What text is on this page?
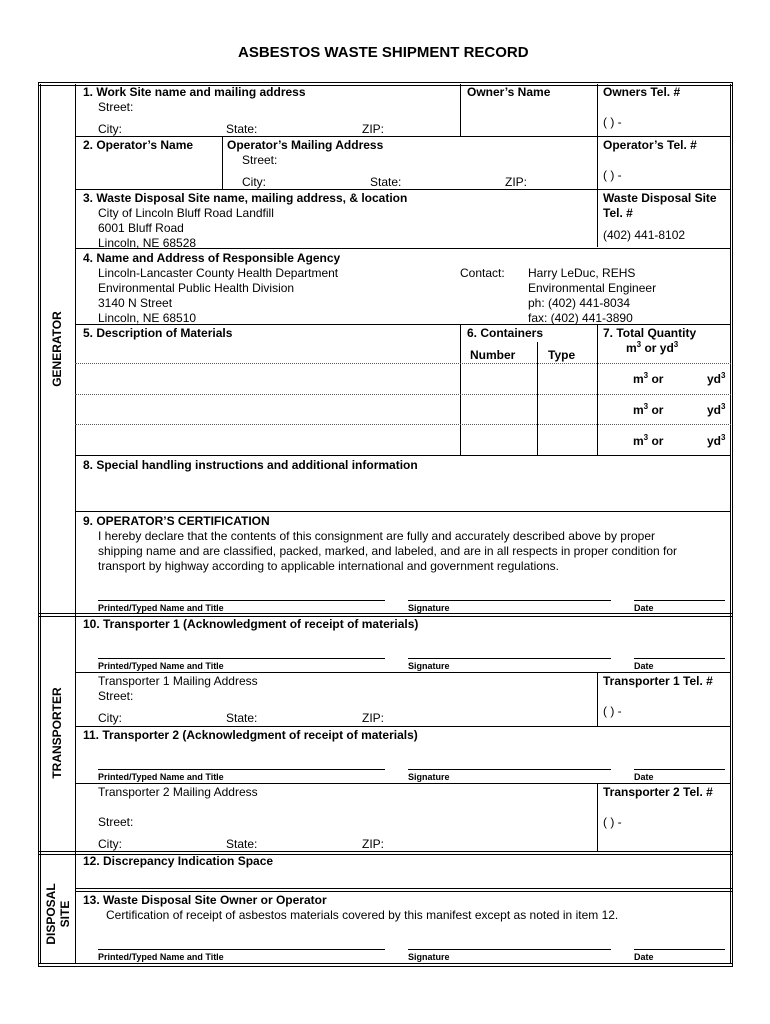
ASBESTOS WASTE SHIPMENT RECORD
GENERATOR
TRANSPORTER
DISPOSAL
SITE
1. Work Site name and mailing address
Street:
City:	State:	ZIP:
Owner’s Name	Owners Tel. #
( ) -
2. Operator’s Name	Operator’s Mailing Address
Street:
City:	State:	ZIP:
Operator’s Tel. #
( ) -
3. Waste Disposal Site name, mailing address, & location
City of Lincoln Bluff Road Landfill
6001 Bluff Road
Lincoln, NE 68528
Waste Disposal Site
Tel. #
(402) 441-8102
4. Name and Address of Responsible Agency
Lincoln-Lancaster County Health Department
Environmental Public Health Division
3140 N Street
Lincoln, NE 68510
Contact: Harry LeDuc, REHS
Environmental Engineer
ph: (402) 441-8034
fax: (402) 441-3890
5. Description of Materials	6. Containers
Number	Type
7. Total Quantity
$m^3$ or $yd^3$
$m^3$ or	$yd^3$
$m^3$ or	$yd^3$
$m^3$ or	$yd^3$
8. Special handling instructions and additional information
9. OPERATOR’S CERTIFICATION
I hereby declare that the contents of this consignment are fully and accurately described above by proper
shipping name and are classified, packed, marked, and labeled, and are in all respects in proper condition for
transport by highway according to applicable international and government regulations.
Printed/Typed Name and Title	Signature	Date
10. Transporter 1 (Acknowledgment of receipt of materials)
Printed/Typed Name and Title	Signature	Date
Transporter 1 Mailing Address
Street:
City:	State:	ZIP:
Transporter 1 Tel. #
( ) -
11. Transporter 2 (Acknowledgment of receipt of materials)
Printed/Typed Name and Title	Signature	Date
Transporter 2 Mailing Address
Street:
City:	State:	ZIP:
Transporter 2 Tel. #
( ) -
12. Discrepancy Indication Space
13. Waste Disposal Site Owner or Operator
Certification of receipt of asbestos materials covered by this manifest except as noted in item 12.
Printed/Typed Name and Title	Signature	Date
